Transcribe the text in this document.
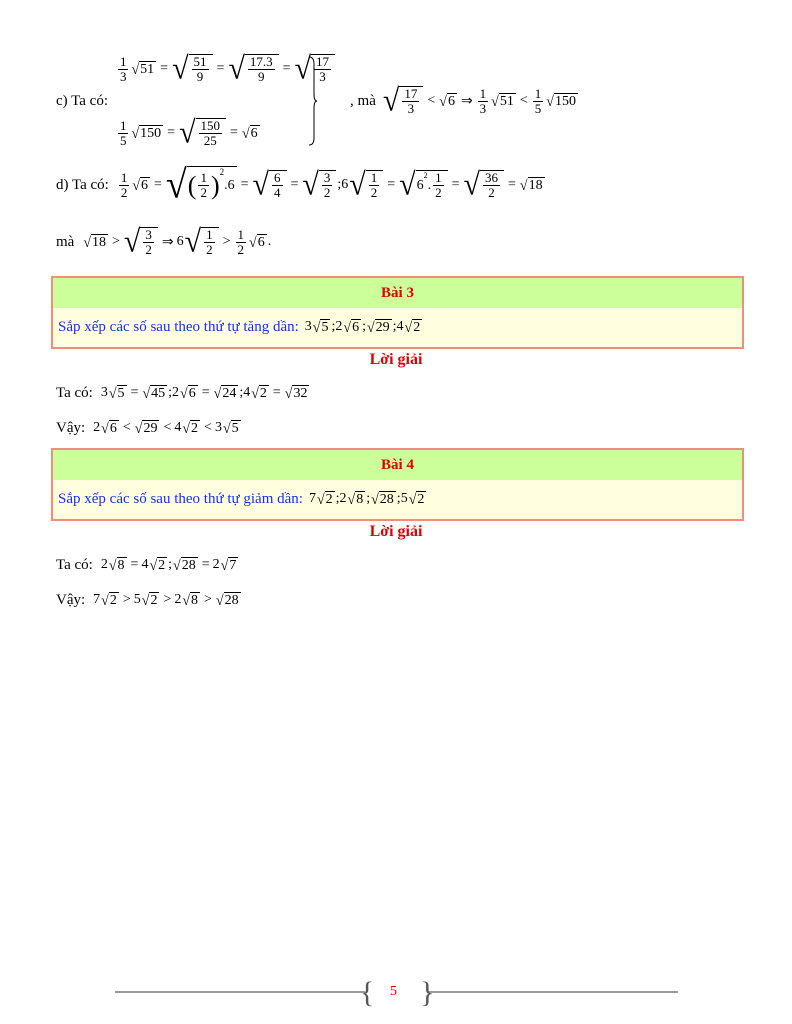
c) Ta có:
$\frac{1}{3}$ √ 51 = √ $\frac{51}{9}$ = √ $\frac{17.3}{9}$ = √ $\frac{17}{3}$
$\frac{1}{5}$ √ 150 = √ $\frac{150}{25}$ = √ 6
, mà √ $\frac{17}{3}$ < √ 6 ⇒ $\frac{1}{3}$ √ $51 < \frac{1}{5}$ √ 150
d) Ta có: $\frac{1}{2}$ √ 6 = √ ( $\frac{1}{2} )^2$
.6 = √ $\frac{6}{4}$ = √ $\frac{3}{2}$ ; 6 √ $\frac{1}{2}$ = √ 6
$^2$
. $\frac{1}{2}$ = √ $\frac{36}{2}$ = √ 18
mà √ 18 > √ $\frac{3}{2}$ ⇒ 6 √ $\frac{1}{2} > \frac{1}{2}$ √ 6 .
Bài 3
Sắp xếp các số sau theo thứ tự tăng dần: 3 √ 5 ; 2 √ 6 ; √ 29 ; 4 √ 2
Lời giải
Ta có: 3 √ 5 = √ 45 ; 2 √ 6 = √ 24 ; 4 √ 2 = √ 32
Vậy: 2 √ 6 < √ 29 < 4 √ 2 < 3 √ 5
Bài 4
Sắp xếp các số sau theo thứ tự giảm dần: 7 √ 2 ; 2 √ 8 ; √ 28 ; 5 √ 2
Lời giải
Ta có: 2 √ 8 = 4 √ 2 ; √ 28 = 2 √ 7
Vậy: 7 √ 2 > 5 √ 2 > 2 √ 8 > √ 28
{ }
5
